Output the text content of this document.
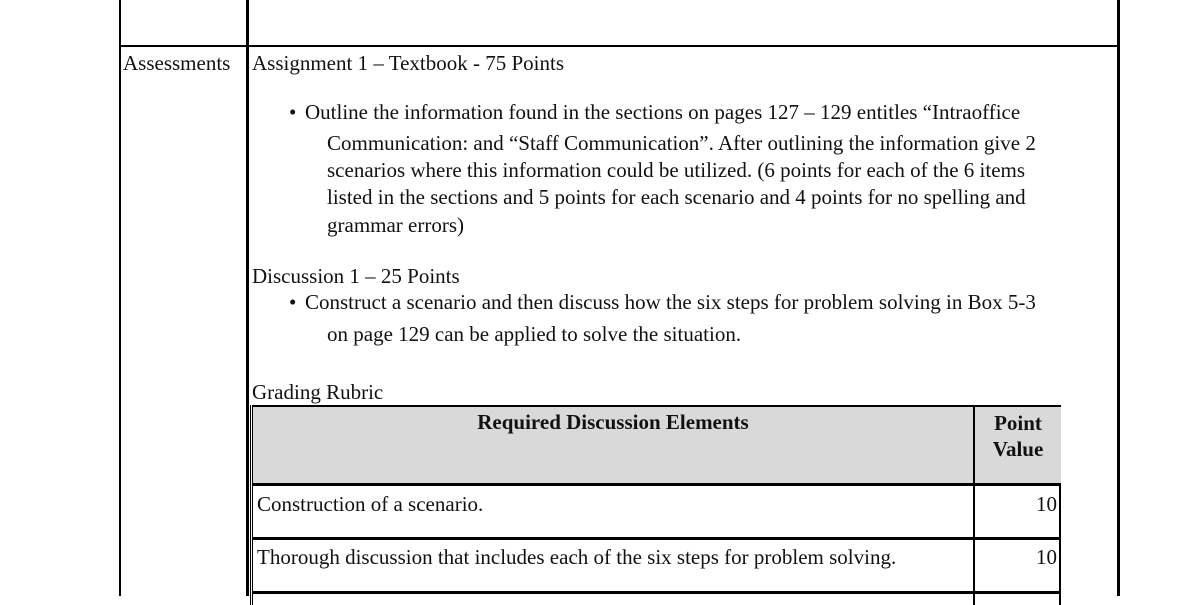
Assessments Assignment 1 – Textbook - 75 Points
• Outline the information found in the sections on pages 127 – 129 entitles “Intraoffice
Communication: and “Staff Communication”. After outlining the information give 2
scenarios where this information could be utilized. (6 points for each of the 6 items
listed in the sections and 5 points for each scenario and 4 points for no spelling and
grammar errors)
Discussion 1 – 25 Points
• Construct a scenario and then discuss how the six steps for problem solving in Box 5-3
on page 129 can be applied to solve the situation.
Grading Rubric
Required Discussion Elements	Point
Value
Construction of a scenario.	10
Thorough discussion that includes each of the six steps for problem solving.	10
